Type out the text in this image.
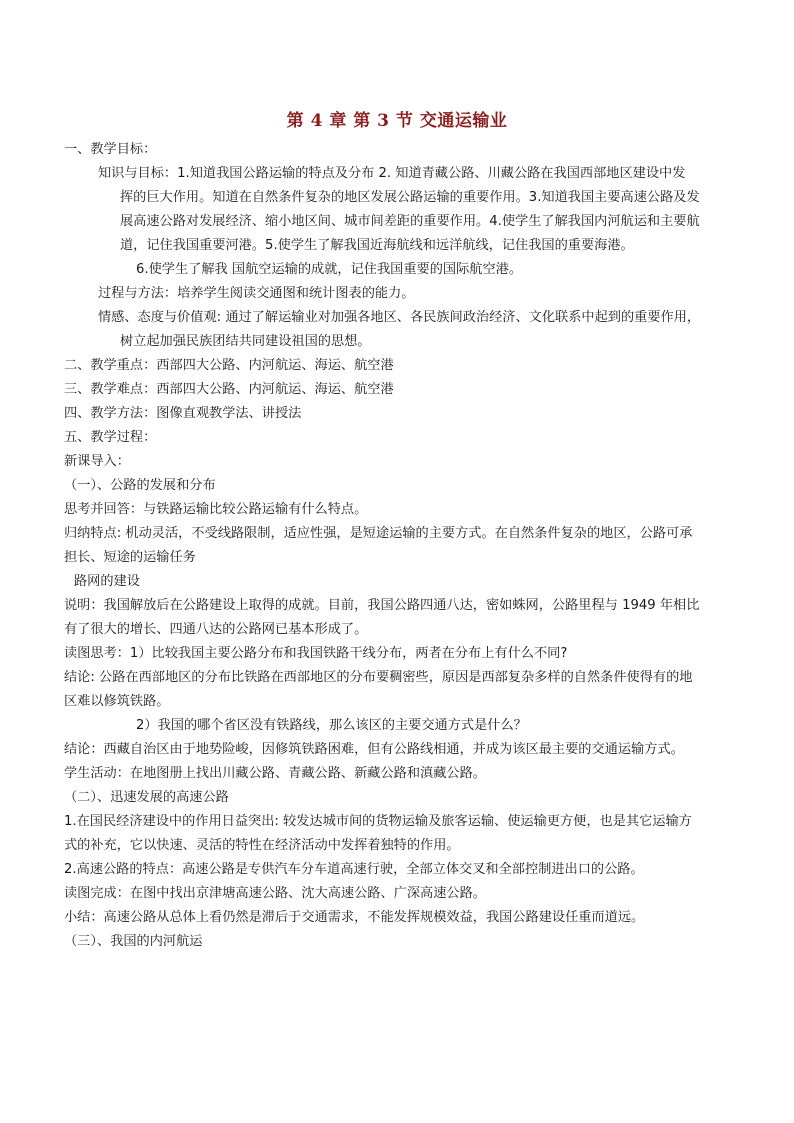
第 4 章 第 3 节 交通运输业
一、教学目标：
知识与目标：1.知道我国公路运输的特点及分布 2. 知道青藏公路、川藏公路在我国西部地区建设中发
挥的巨大作用。知道在自然条件复杂的地区发展公路运输的重要作用。3.知道我国主要高速公路及发
展高速公路对发展经济、缩小地区间、城市间差距的重要作用。4.使学生了解我国内河航运和主要航
道，记住我国重要河港。5.使学生了解我国近海航线和远洋航线，记住我国的重要海港。
6.使学生了解我 国航空运输的成就，记住我国重要的国际航空港。
过程与方法：培养学生阅读交通图和统计图表的能力。
情感、态度与价值观: 通过了解运输业对加强各地区、各民族间政治经济、文化联系中起到的重要作用，
树立起加强民族团结共同建设祖国的思想。
二、教学重点：西部四大公路、内河航运、海运、航空港
三、教学难点：西部四大公路、内河航运、海运、航空港
四、教学方法：图像直观教学法、讲授法
五、教学过程：
新课导入：
（一）、公路的发展和分布
思考并回答：与铁路运输比较公路运输有什么特点。
归纳特点: 机动灵活，不受线路限制，适应性强，是短途运输的主要方式。在自然条件复杂的地区，公路可承
担长、短途的运输任务
路网的建设
说明：我国解放后在公路建设上取得的成就。目前，我国公路四通八达，密如蛛网，公路里程与 1949 年相比
有了很大的增长、四通八达的公路网已基本形成了。
读图思考：1）比较我国主要公路分布和我国铁路干线分布，两者在分布上有什么不同?
结论: 公路在西部地区的分布比铁路在西部地区的分布要稠密些，原因是西部复杂多样的自然条件使得有的地
区难以修筑铁路。
2）我国的哪个省区没有铁路线，那么该区的主要交通方式是什么？
结论：西藏自治区由于地势险峻，因修筑铁路困难，但有公路线相通，并成为该区最主要的交通运输方式。
学生活动：在地图册上找出川藏公路、青藏公路、新藏公路和滇藏公路。
（二）、迅速发展的高速公路
1.在国民经济建设中的作用日益突出: 较发达城市间的货物运输及旅客运输、使运输更方便，也是其它运输方
式的补充，它以快速、灵活的特性在经济活动中发挥着独特的作用。
2.高速公路的特点：高速公路是专供汽车分车道高速行驶，全部立体交叉和全部控制进出口的公路。
读图完成：在图中找出京津塘高速公路、沈大高速公路、广深高速公路。
小结：高速公路从总体上看仍然是滞后于交通需求，不能发挥规模效益，我国公路建设任重而道远。
（三）、我国的内河航运
